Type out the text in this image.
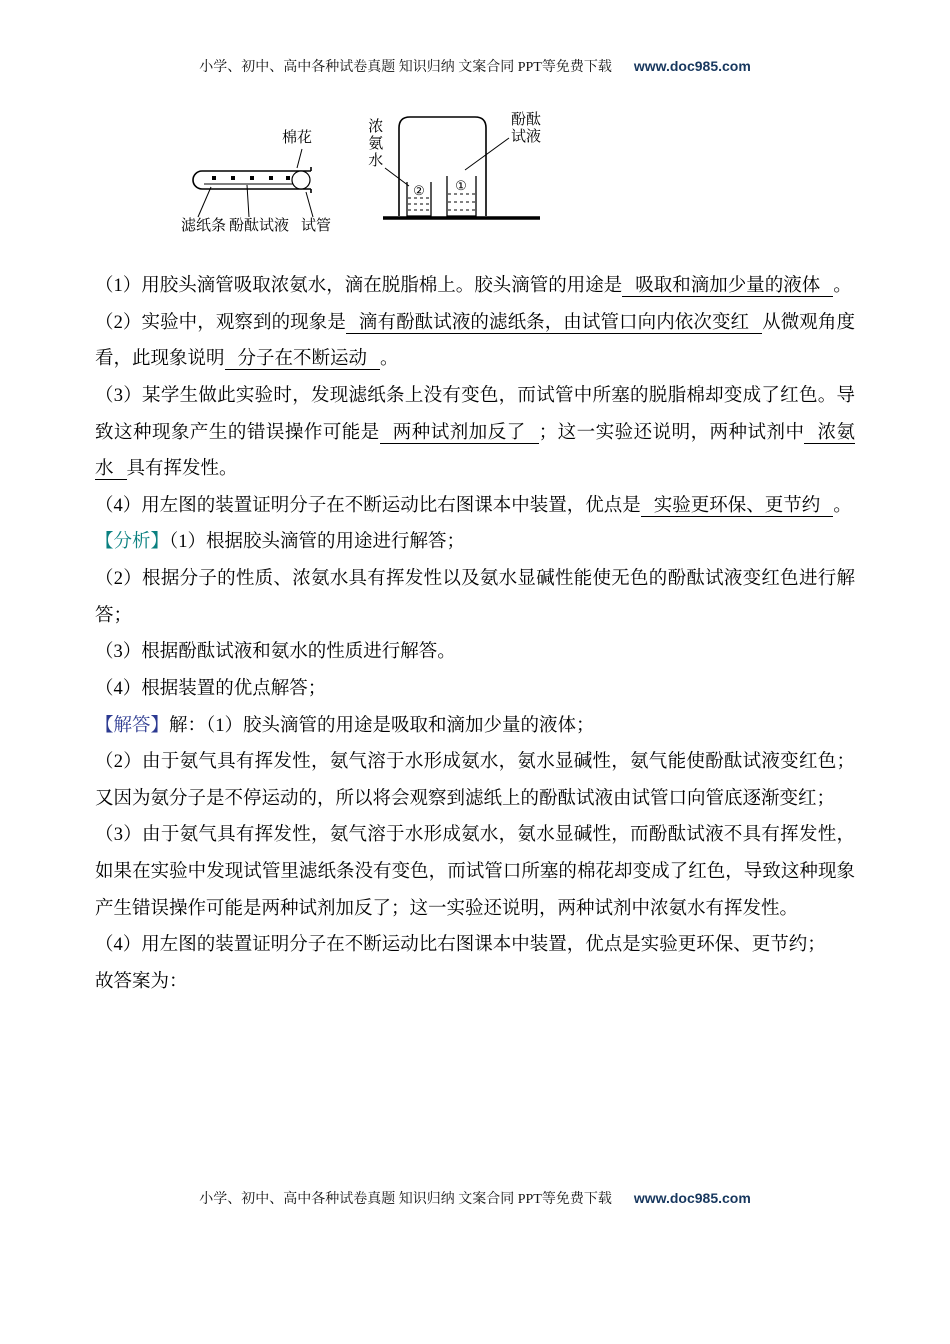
小学、初中、高中各种试卷真题 知识归纳 文案合同 PPT等免费下载 www.doc985.com
棉花
滤纸条 酚酞试液 试管
② ①
浓氨水	酚酞试液

（1）用胶头滴管吸取浓氨水，滴在脱脂棉上。胶头滴管的用途是 吸取和滴加少量的液体 。

（2）实验中，观察到的现象是 滴有酚酞试液的滤纸条，由试管口向内依次变红 从微观角度看，此现象说明 分子在不断运动 。

（3）某学生做此实验时，发现滤纸条上没有变色，而试管中所塞的脱脂棉却变成了红色。导致这种现象产生的错误操作可能是 两种试剂加反了 ；这一实验还说明，两种试剂中 浓氨水 具有挥发性。

（4）用左图的装置证明分子在不断运动比右图课本中装置，优点是 实验更环保、更节约 。

【分析】（1）根据胶头滴管的用途进行解答；

（2）根据分子的性质、浓氨水具有挥发性以及氨水显碱性能使无色的酚酞试液变红色进行解答；

（3）根据酚酞试液和氨水的性质进行解答。

（4）根据装置的优点解答；

【解答】解：（1）胶头滴管的用途是吸取和滴加少量的液体；

（2）由于氨气具有挥发性，氨气溶于水形成氨水，氨水显碱性，氨气能使酚酞试液变红色；又因为氨分子是不停运动的，所以将会观察到滤纸上的酚酞试液由试管口向管底逐渐变红；

（3）由于氨气具有挥发性，氨气溶于水形成氨水，氨水显碱性，而酚酞试液不具有挥发性，如果在实验中发现试管里滤纸条没有变色，而试管口所塞的棉花却变成了红色，导致这种现象产生错误操作可能是两种试剂加反了；这一实验还说明，两种试剂中浓氨水有挥发性。

（4）用左图的装置证明分子在不断运动比右图课本中装置，优点是实验更环保、更节约；

故答案为：

小学、初中、高中各种试卷真题 知识归纳 文案合同 PPT等免费下载 www.doc985.com
